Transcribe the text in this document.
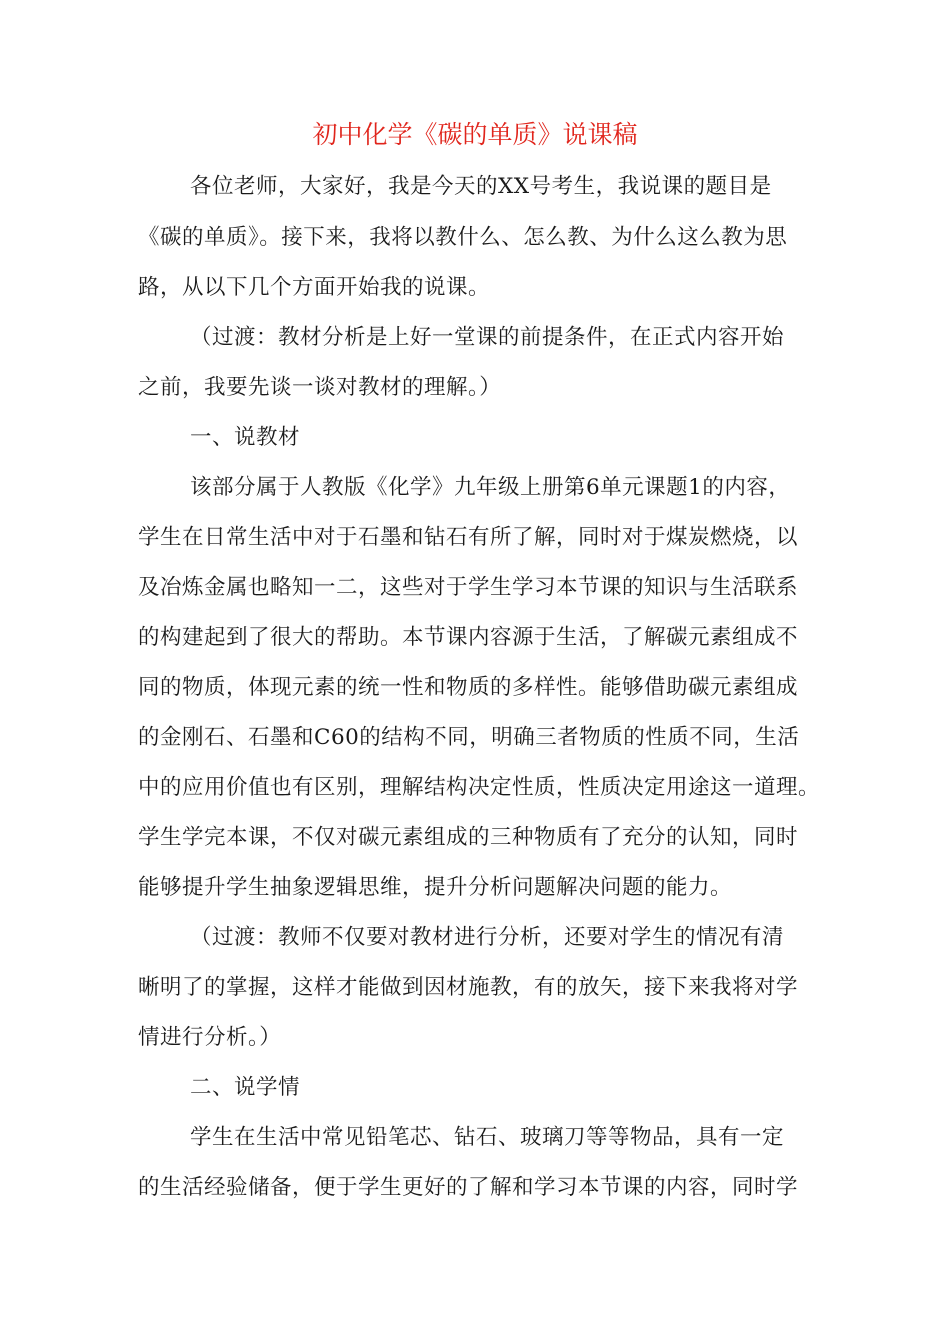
初中化学《碳的单质》说课稿
各位老师，大家好，我是今天的XX号考生，我说课的题目是
《碳的单质》。接下来，我将以教什么、怎么教、为什么这么教为思
路，从以下几个方面开始我的说课。
（过渡：教材分析是上好一堂课的前提条件，在正式内容开始
之前，我要先谈一谈对教材的理解。）
一、说教材
该部分属于人教版《化学》九年级上册第6单元课题1的内容，
学生在日常生活中对于石墨和钻石有所了解，同时对于煤炭燃烧，以
及冶炼金属也略知一二，这些对于学生学习本节课的知识与生活联系
的构建起到了很大的帮助。本节课内容源于生活，了解碳元素组成不
同的物质，体现元素的统一性和物质的多样性。能够借助碳元素组成
的金刚石、石墨和C60的结构不同，明确三者物质的性质不同，生活
中的应用价值也有区别，理解结构决定性质，性质决定用途这一道理。
学生学完本课，不仅对碳元素组成的三种物质有了充分的认知，同时
能够提升学生抽象逻辑思维，提升分析问题解决问题的能力。
（过渡：教师不仅要对教材进行分析，还要对学生的情况有清
晰明了的掌握，这样才能做到因材施教，有的放矢，接下来我将对学
情进行分析。）
二、说学情
学生在生活中常见铅笔芯、钻石、玻璃刀等等物品，具有一定
的生活经验储备，便于学生更好的了解和学习本节课的内容，同时学
